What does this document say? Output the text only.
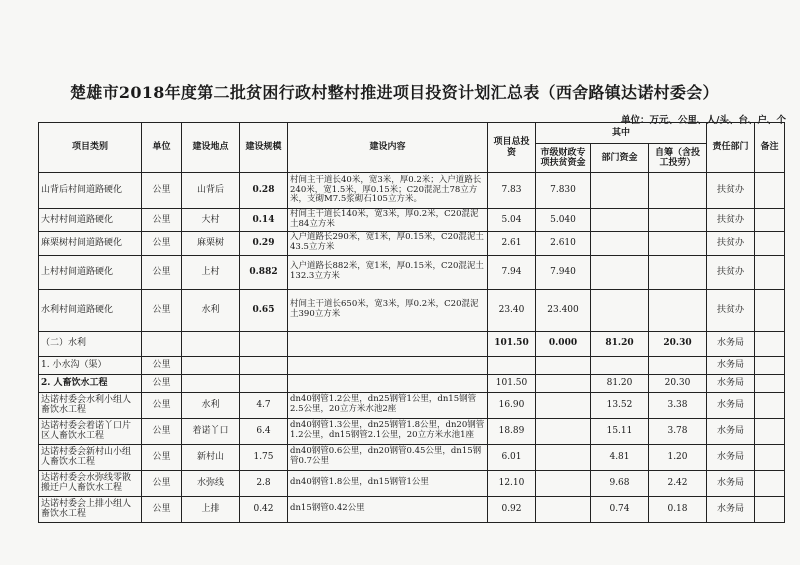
楚雄市2018年度第二批贫困行政村整村推进项目投资计划汇总表（西舍路镇达诺村委会）
单位：万元、公里、人/头、台、户、个
项目类别	单位	建设地点	建设规模	建设内容	项目总投资	其中			责任部门	备注
						市级财政专项扶贫资金	部门资金	自筹（含投工投劳）		
山背后村间道路硬化	公里	山背后	0.28	村间主干道长40米，宽3米，厚0.2米；入户道路长240米，宽1.5米，厚0.15米；C20混泥土78立方米，支砌M7.5浆砌石105立方米。	7.83	7.830			扶贫办	
大村村间道路硬化	公里	大村	0.14	村间主干道长140米，宽3米，厚0.2米，C20混泥土84立方米	5.04	5.040			扶贫办	
麻栗树村间道路硬化	公里	麻栗树	0.29	入户道路长290米，宽1米，厚0.15米，C20混泥土43.5立方米	2.61	2.610			扶贫办	
上村村间道路硬化	公里	上村	0.882	入户道路长882米，宽1米，厚0.15米，C20混泥土132.3立方米	7.94	7.940			扶贫办	
水利村间道路硬化	公里	水利	0.65	村间主干道长650米，宽3米，厚0.2米，C20混泥土390立方米	23.40	23.400			扶贫办	
（二）水利					101.50	0.000	81.20	20.30	水务局	
1. 小水沟（渠）	公里								水务局	
2. 人畜饮水工程	公里				101.50		81.20	20.30	水务局	
达诺村委会水利小组人畜饮水工程	公里	水利	4.7	dn40钢管1.2公里，dn25钢管1公里，dn15钢管2.5公里，20立方米水池2座	16.90		13.52	3.38	水务局	
达诺村委会着诺丫口片区人畜饮水工程	公里	着诺丫口	6.4	dn40钢管1.3公里，dn25钢管1.8公里，dn20钢管1.2公里，dn15钢管2.1公里，20立方米水池1座	18.89		15.11	3.78	水务局	
达诺村委会新村山小组人畜饮水工程	公里	新村山	1.75	dn40钢管0.6公里，dn20钢管0.45公里，dn15钢管0.7公里	6.01		4.81	1.20	水务局	
达诺村委会水弥线零散搬迁户人畜饮水工程	公里	水弥线	2.8	dn40钢管1.8公里，dn15钢管1公里	12.10		9.68	2.42	水务局	
达诺村委会上排小组人畜饮水工程	公里	上排	0.42	dn15钢管0.42公里	0.92		0.74	0.18	水务局	
